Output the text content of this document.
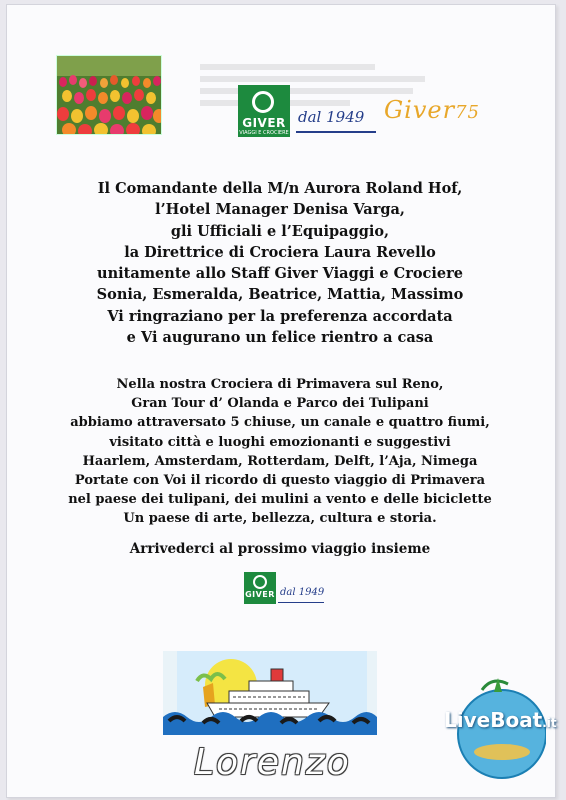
GIVER
VIAGGI E CROCIERE
dal 1949 Giver75

Il Comandante della M/n Aurora Roland Hof,

l’Hotel Manager Denisa Varga,

gli Ufficiali e l’Equipaggio,

la Direttrice di Crociera Laura Revello

unitamente allo Staff Giver Viaggi e Crociere

Sonia, Esmeralda, Beatrice, Mattia, Massimo

Vi ringraziano per la preferenza accordata

e Vi augurano un felice rientro a casa

Nella nostra Crociera di Primavera sul Reno,

Gran Tour d’ Olanda e Parco dei Tulipani

abbiamo attraversato 5 chiuse, un canale e quattro fiumi,

visitato città e luoghi emozionanti e suggestivi

Haarlem, Amsterdam, Rotterdam, Delft, l’Aja, Nimega

Portate con Voi il ricordo di questo viaggio di Primavera

nel paese dei tulipani, dei mulini a vento e delle biciclette

Un paese di arte, bellezza, cultura e storia.

Arrivederci al prossimo viaggio insieme
GIVER dal 1949
LiveBoat.it
Lorenzo
